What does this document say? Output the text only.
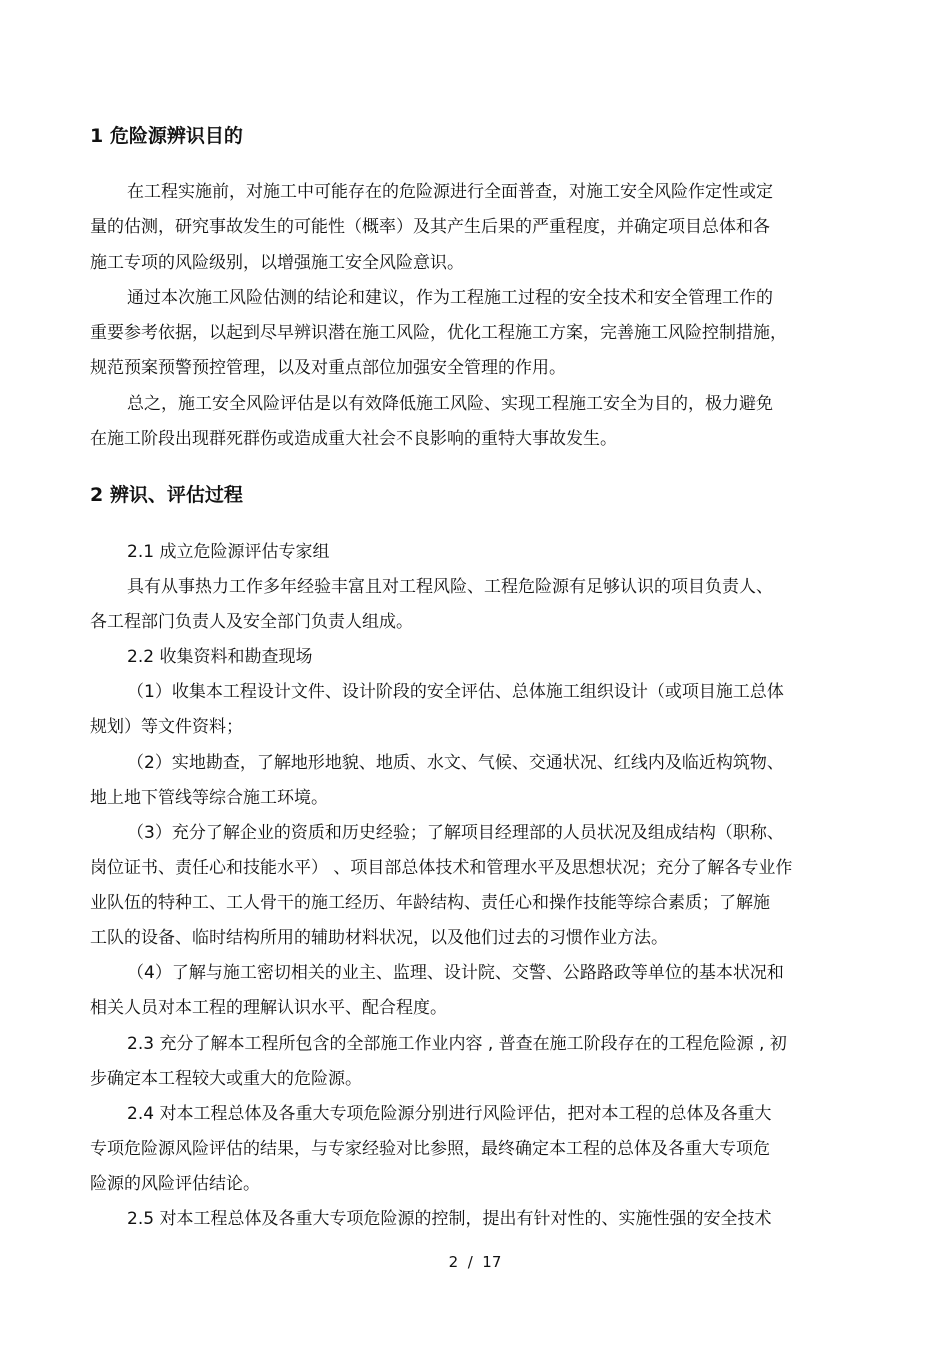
1 危险源辨识目的

在工程实施前，对施工中可能存在的危险源进行全面普查，对施工安全风险作定性或定

量的估测，研究事故发生的可能性（概率）及其产生后果的严重程度，并确定项目总体和各

施工专项的风险级别，以增强施工安全风险意识。

通过本次施工风险估测的结论和建议，作为工程施工过程的安全技术和安全管理工作的

重要参考依据，以起到尽早辨识潜在施工风险，优化工程施工方案，完善施工风险控制措施，

规范预案预警预控管理，以及对重点部位加强安全管理的作用。

总之，施工安全风险评估是以有效降低施工风险、实现工程施工安全为目的，极力避免

在施工阶段出现群死群伤或造成重大社会不良影响的重特大事故发生。

2 辨识、评估过程

2.1 成立危险源评估专家组

具有从事热力工作多年经验丰富且对工程风险、工程危险源有足够认识的项目负责人、

各工程部门负责人及安全部门负责人组成。

2.2 收集资料和勘查现场

（1）收集本工程设计文件、设计阶段的安全评估、总体施工组织设计（或项目施工总体

规划）等文件资料；

（2）实地勘查，了解地形地貌、地质、水文、气候、交通状况、红线内及临近构筑物、

地上地下管线等综合施工环境。

（3）充分了解企业的资质和历史经验；了解项目经理部的人员状况及组成结构（职称、

岗位证书、责任心和技能水平） 、项目部总体技术和管理水平及思想状况；充分了解各专业作

业队伍的特种工、工人骨干的施工经历、年龄结构、责任心和操作技能等综合素质；了解施

工队的设备、临时结构所用的辅助材料状况，以及他们过去的习惯作业方法。

（4）了解与施工密切相关的业主、监理、设计院、交警、公路路政等单位的基本状况和

相关人员对本工程的理解认识水平、配合程度。

2.3 充分了解本工程所包含的全部施工作业内容 , 普查在施工阶段存在的工程危险源 , 初

步确定本工程较大或重大的危险源。

2.4 对本工程总体及各重大专项危险源分别进行风险评估，把对本工程的总体及各重大

专项危险源风险评估的结果，与专家经验对比参照，最终确定本工程的总体及各重大专项危

险源的风险评估结论。

2.5 对本工程总体及各重大专项危险源的控制，提出有针对性的、实施性强的安全技术

2  /  17
